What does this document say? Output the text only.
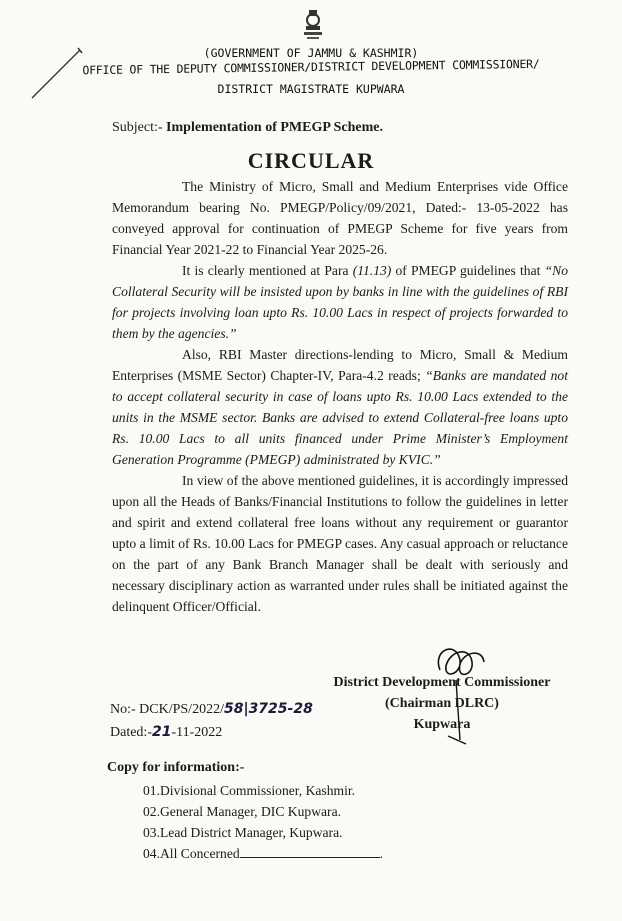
(GOVERNMENT OF JAMMU & KASHMIR)
OFFICE OF THE DEPUTY COMMISSIONER/DISTRICT DEVELOPMENT COMMISSIONER/
DISTRICT MAGISTRATE KUPWARA
Subject:- Implementation of PMEGP Scheme.
CIRCULAR

The Ministry of Micro, Small and Medium Enterprises vide Office Memorandum bearing No. PMEGP/Policy/09/2021, Dated:- 13-05-2022 has conveyed approval for continuation of PMEGP Scheme for five years from Financial Year 2021-22 to Financial Year 2025-26.

It is clearly mentioned at Para (11.13) of PMEGP guidelines that “No Collateral Security will be insisted upon by banks in line with the guidelines of RBI for projects involving loan upto Rs. 10.00 Lacs in respect of projects forwarded to them by the agencies.”

Also, RBI Master directions-lending to Micro, Small & Medium Enterprises (MSME Sector) Chapter-IV, Para-4.2 reads; “Banks are mandated not to accept collateral security in case of loans upto Rs. 10.00 Lacs extended to the units in the MSME sector. Banks are advised to extend Collateral-free loans upto Rs. 10.00 Lacs to all units financed under Prime Minister’s Employment Generation Programme (PMEGP) administrated by KVIC.”

In view of the above mentioned guidelines, it is accordingly impressed upon all the Heads of Banks/Financial Institutions to follow the guidelines in letter and spirit and extend collateral free loans without any requirement or guarantor upto a limit of Rs. 10.00 Lacs for PMEGP cases. Any casual approach or reluctance on the part of any Bank Branch Manager shall be dealt with seriously and necessary disciplinary action as warranted under rules shall be initiated against the delinquent Officer/Official.

District Development Commissioner
(Chairman DLRC)
Kupwara
No:- DCK/PS/2022/58|3725-28
Dated:-21-11-2022
Copy for information:-
01.Divisional Commissioner, Kashmir.
02.General Manager, DIC Kupwara.
03.Lead District Manager, Kupwara.
04.All Concerned	.
